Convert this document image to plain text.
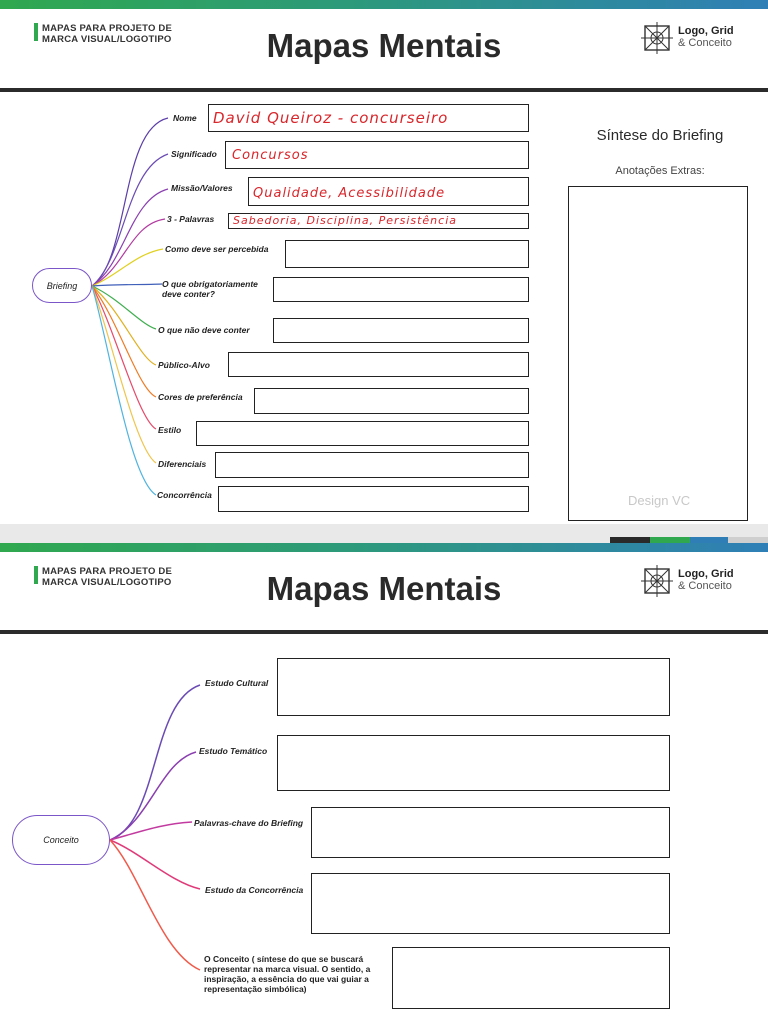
MAPAS PARA PROJETO DE
MARCA VISUAL/LOGOTIPO	Mapas Mentais	Logo, Grid
& Conceito
Briefing
Nome David Queiroz - concurseiro
Significado Concursos
Missão/Valores Qualidade, Acessibilidade
3 - Palavras Sabedoria, Disciplina, Persistência
Como deve ser percebida
O que obrigatoriamente deve conter?
O que não deve conter
Público-Alvo
Cores de preferência
Estilo
Diferenciais
Concorrência
Síntese do Briefing
Anotações Extras:
Design VC
MAPAS PARA PROJETO DE
MARCA VISUAL/LOGOTIPO	Mapas Mentais	Logo, Grid
& Conceito
Conceito
Estudo Cultural
Estudo Temático
Palavras-chave do Briefing
Estudo da Concorrência
O Conceito ( síntese do que se buscará representar na marca visual. O sentido, a inspiração, a essência do que vai guiar a representação simbólica)
